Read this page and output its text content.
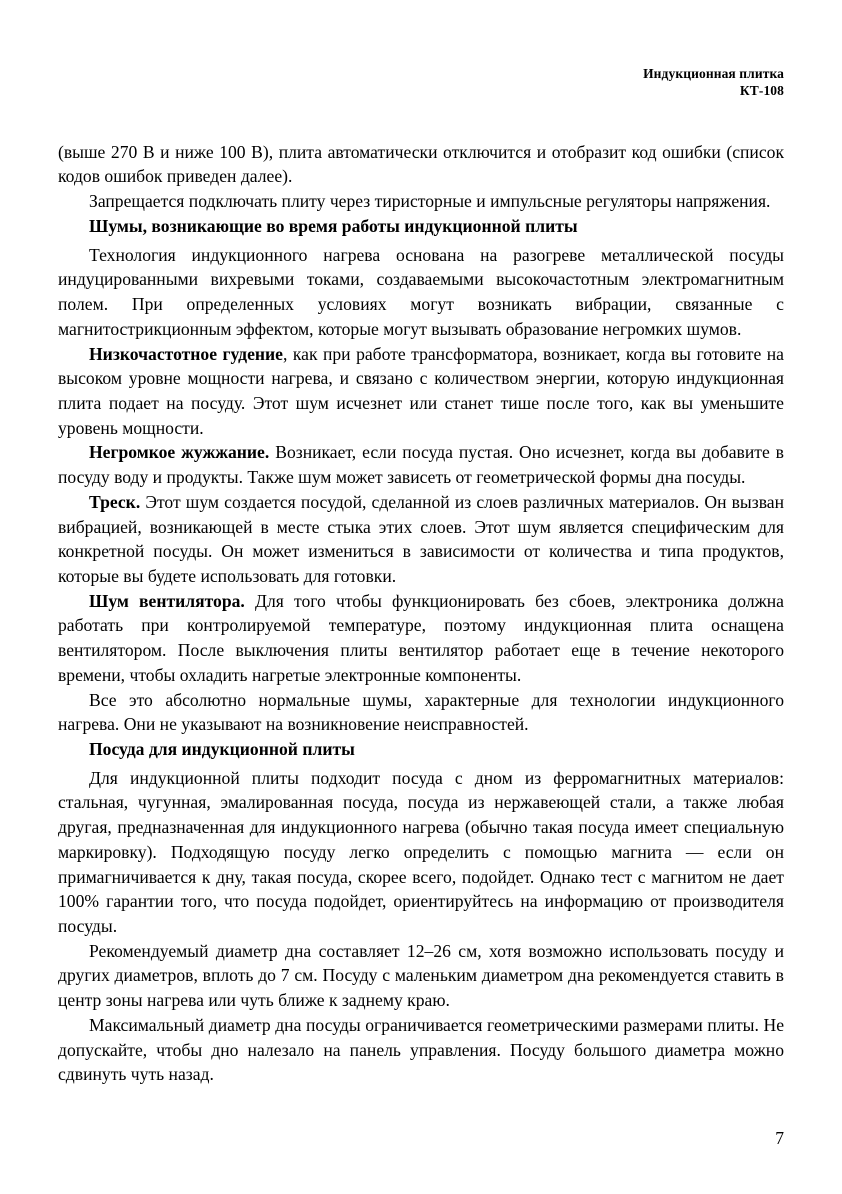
Индукционная плитка
КТ-108

(выше 270 В и ниже 100 В), плита автоматически отключится и отобразит код ошибки (список кодов ошибок приведен далее).

Запрещается подключать плиту через тиристорные и импульсные регуляторы напряжения.

Шумы, возникающие во время работы индукционной плиты

Технология индукционного нагрева основана на разогреве металлической посуды индуцированными вихревыми токами, создаваемыми высокочастотным электромагнитным полем. При определенных условиях могут возникать вибрации, связанные с магнитострикционным эффектом, которые могут вызывать образование негромких шумов.

Низкочастотное гудение, как при работе трансформатора, возникает, когда вы готовите на высоком уровне мощности нагрева, и связано с количеством энергии, которую индукционная плита подает на посуду. Этот шум исчезнет или станет тише после того, как вы уменьшите уровень мощности.

Негромкое жужжание. Возникает, если посуда пустая. Оно исчезнет, когда вы добавите в посуду воду и продукты. Также шум может зависеть от геометрической формы дна посуды.

Треск. Этот шум создается посудой, сделанной из слоев различных материалов. Он вызван вибрацией, возникающей в месте стыка этих слоев. Этот шум является специфическим для конкретной посуды. Он может измениться в зависимости от количества и типа продуктов, которые вы будете использовать для готовки.

Шум вентилятора. Для того чтобы функционировать без сбоев, электроника должна работать при контролируемой температуре, поэтому индукционная плита оснащена вентилятором. После выключения плиты вентилятор работает еще в течение некоторого времени, чтобы охладить нагретые электронные компоненты.

Все это абсолютно нормальные шумы, характерные для технологии индукционного нагрева. Они не указывают на возникновение неисправностей.

Посуда для индукционной плиты

Для индукционной плиты подходит посуда с дном из ферромагнитных материалов: стальная, чугунная, эмалированная посуда, посуда из нержавеющей стали, а также любая другая, предназначенная для индукционного нагрева (обычно такая посуда имеет специальную маркировку). Подходящую посуду легко определить с помощью магнита — если он примагничивается к дну, такая посуда, скорее всего, подойдет. Однако тест с магнитом не дает 100% гарантии того, что посуда подойдет, ориентируйтесь на информацию от производителя посуды.

Рекомендуемый диаметр дна составляет 12–26 см, хотя возможно использовать посуду и других диаметров, вплоть до 7 см. Посуду с маленьким диаметром дна рекомендуется ставить в центр зоны нагрева или чуть ближе к заднему краю.

Максимальный диаметр дна посуды ограничивается геометрическими размерами плиты. Не допускайте, чтобы дно налезало на панель управления. Посуду большого диаметра можно сдвинуть чуть назад.

7
